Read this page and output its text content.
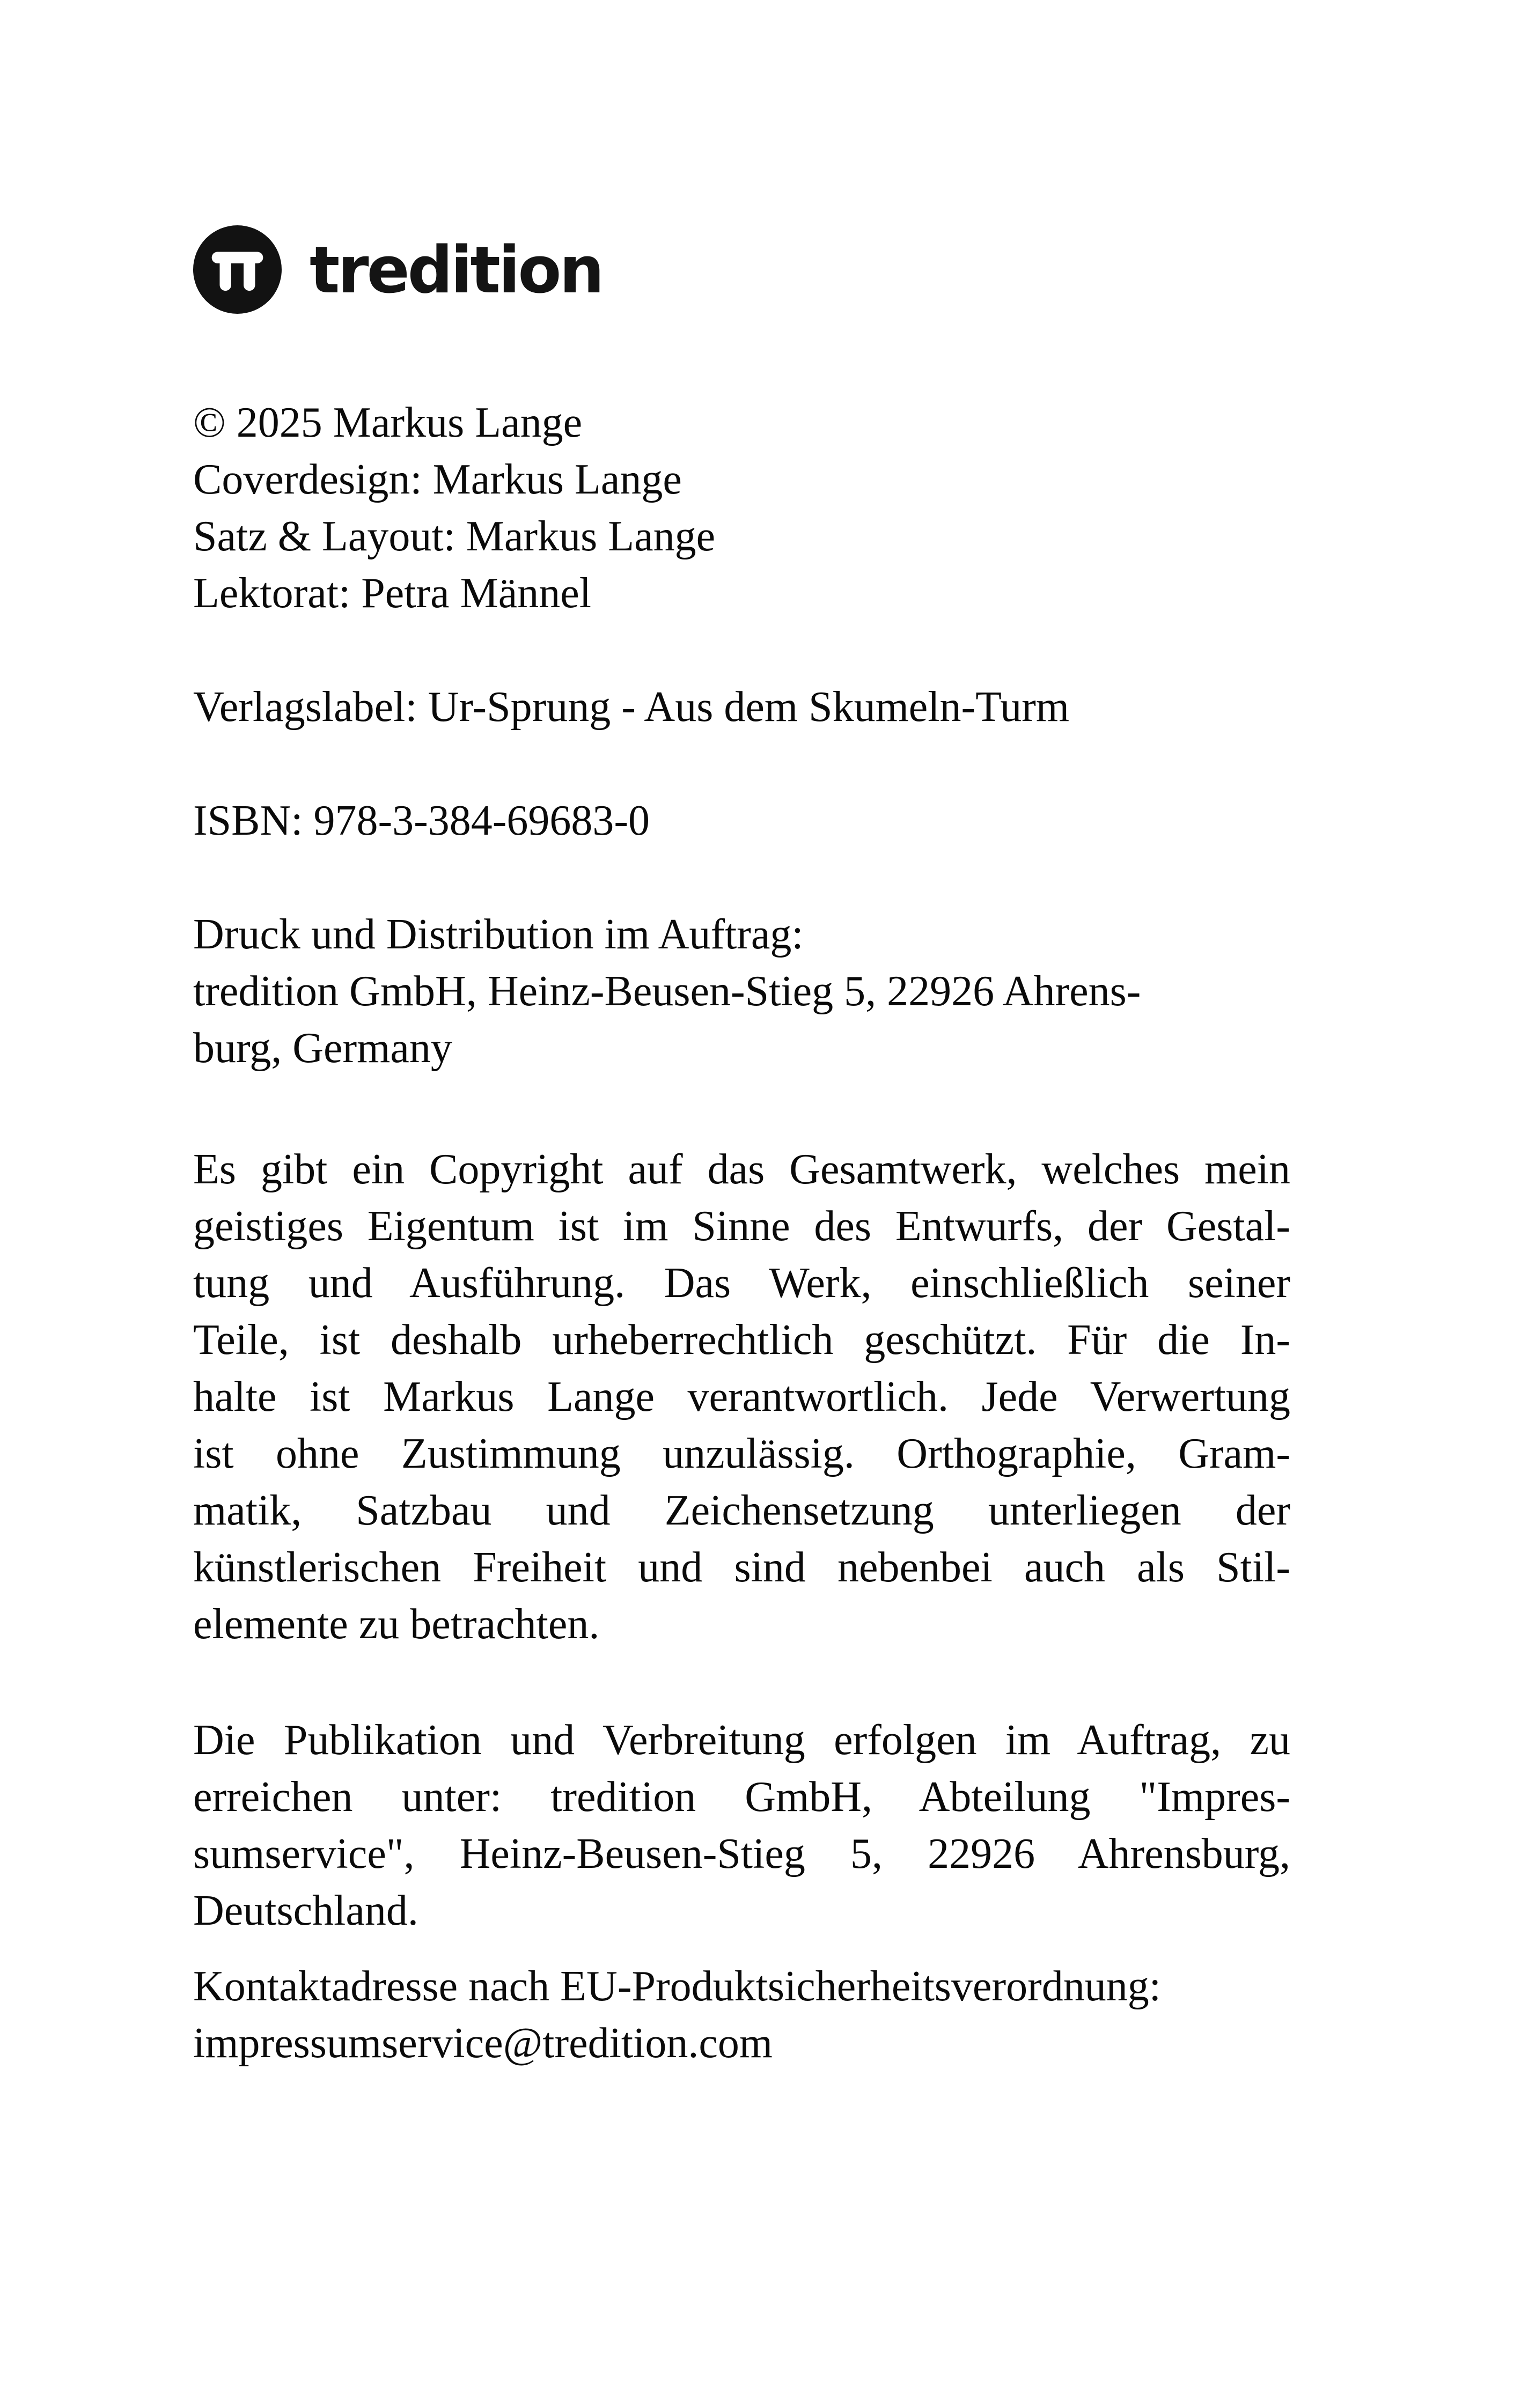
tredition
© 2025 Markus Lange
Coverdesign: Markus Lange
Satz & Layout: Markus Lange
Lektorat: Petra Männel
Verlagslabel: Ur-Sprung - Aus dem Skumeln-Turm
ISBN: 978-3-384-69683-0
Druck und Distribution im Auftrag:
tredition GmbH, Heinz-Beusen-Stieg 5, 22926 Ahrens-
burg, Germany
Es gibt ein Copyright auf das Gesamtwerk, welches mein
geistiges Eigentum ist im Sinne des Entwurfs, der Gestal-
tung und Ausführung. Das Werk, einschließlich seiner
Teile, ist deshalb urheberrechtlich geschützt. Für die In-
halte ist Markus Lange verantwortlich. Jede Verwertung
ist ohne Zustimmung unzulässig. Orthographie, Gram-
matik, Satzbau und Zeichensetzung unterliegen der
künstlerischen Freiheit und sind nebenbei auch als Stil-
elemente zu betrachten.
Die Publikation und Verbreitung erfolgen im Auftrag, zu
erreichen unter: tredition GmbH, Abteilung "Impres-
sumservice", Heinz-Beusen-Stieg 5, 22926 Ahrensburg,
Deutschland.
Kontaktadresse nach EU-Produktsicherheitsverordnung:
impressumservice@tredition.com
